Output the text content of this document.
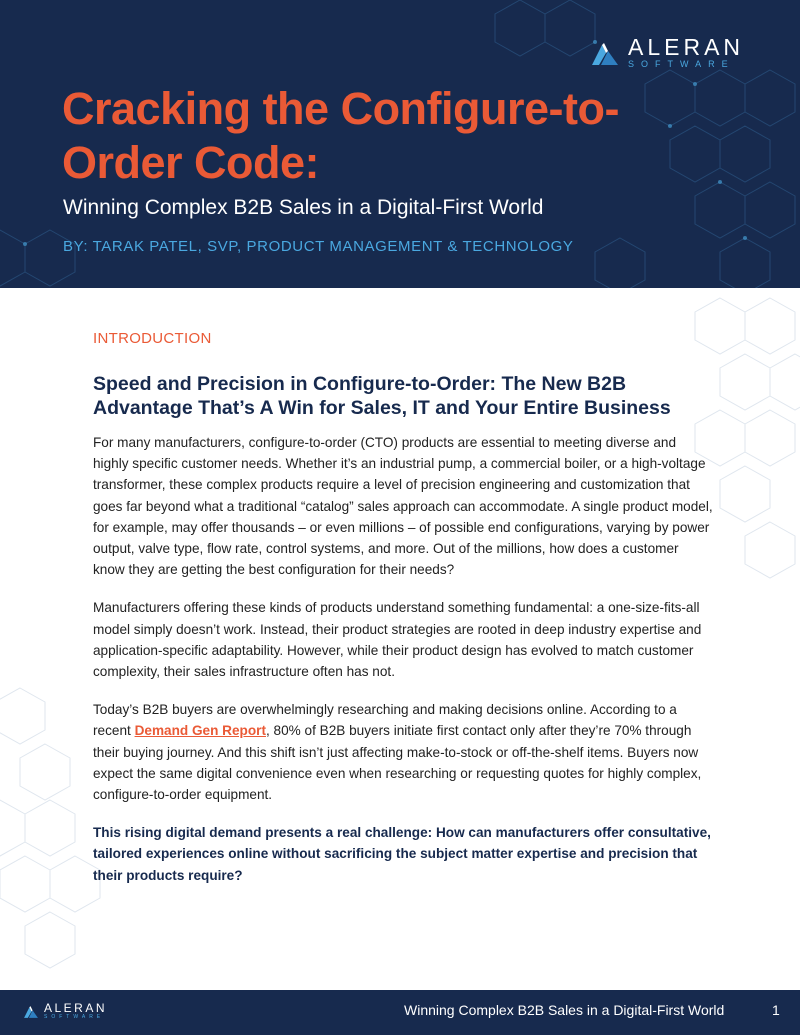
ALERAN
SOFTWARE
Cracking the Configure-to-Order Code:
Winning Complex B2B Sales in a Digital-First World
BY: TARAK PATEL, SVP, PRODUCT MANAGEMENT & TECHNOLOGY

INTRODUCTION

Speed and Precision in Configure-to-Order: The New B2B Advantage That’s A Win for Sales, IT and Your Entire Business

For many manufacturers, configure-to-order (CTO) products are essential to meeting diverse and highly specific customer needs. Whether it’s an industrial pump, a commercial boiler, or a high-voltage transformer, these complex products require a level of precision engineering and customization that goes far beyond what a traditional “catalog” sales approach can accommodate. A single product model, for example, may offer thousands – or even millions – of possible end configurations, varying by power output, valve type, flow rate, control systems, and more. Out of the millions, how does a customer know they are getting the best configuration for their needs?

Manufacturers offering these kinds of products understand something fundamental: a one-size-fits-all model simply doesn’t work. Instead, their product strategies are rooted in deep industry expertise and application-specific adaptability. However, while their product design has evolved to match customer complexity, their sales infrastructure often has not.

Today’s B2B buyers are overwhelmingly researching and making decisions online. According to a recent Demand Gen Report, 80% of B2B buyers initiate first contact only after they’re 70% through their buying journey. And this shift isn’t just affecting make-to-stock or off-the-shelf items. Buyers now expect the same digital convenience even when researching or requesting quotes for highly complex, configure-to-order equipment.

This rising digital demand presents a real challenge: How can manufacturers offer consultative, tailored experiences online without sacrificing the subject matter expertise and precision that their products require?

ALERAN
SOFTWARE	Winning Complex B2B Sales in a Digital-First World	1
